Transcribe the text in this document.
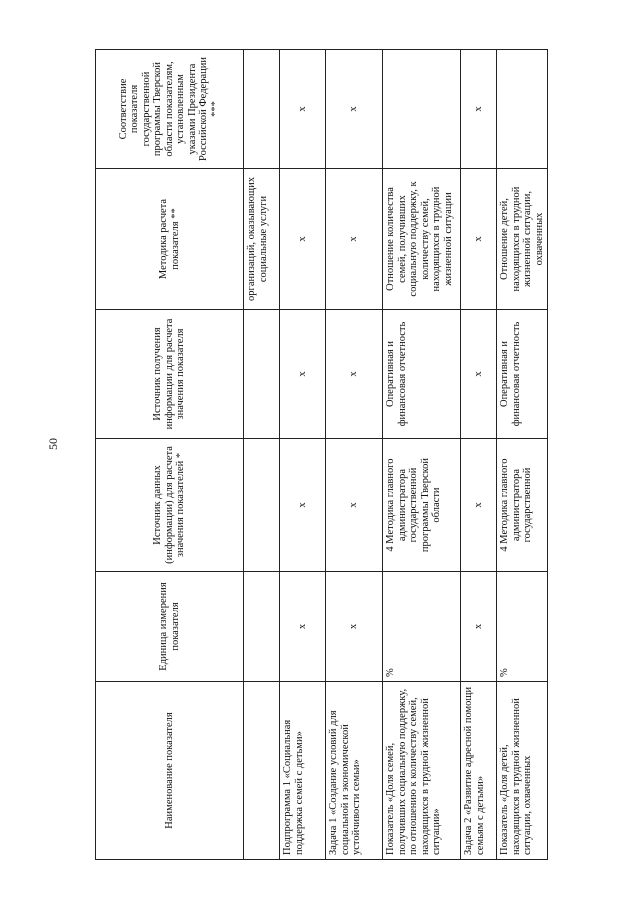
50
Наименование показателя	Единица измерения показателя	Источник данных (информации) для расчета значения показателей *	Источник получения информации для расчета значения показателя	Методика расчета показателя **	Соответствие показателя государственной программы Тверской области показателям, установленным указами Президента Российской Федерации ***
				организаций, оказывающих социальные услуги	
Подпрограмма 1 «Социальная поддержка семей с детьми»	х	х	х	х	х
Задача 1 «Создание условий для социальной и экономической устойчивости семьи»	х	х	х	х	х
Показатель «Доля семей, получивших социальную поддержку, по отношению к количеству семей, находящихся в трудной жизненной ситуации»	%	4 Методика главного администратора государственной программы Тверской области	Оперативная и финансовая отчетность	Отношение количества семей, получивших социальную поддержку, к количеству семей, находящихся в трудной жизненной ситуации	
Задача 2 «Развитие адресной помощи семьям с детьми»	х	х	х	х	х
Показатель «Доля детей, находящихся в трудной жизненной ситуации, охваченных	%	4 Методика главного администратора государственной	Оперативная и финансовая отчетность	Отношение детей, находящихся в трудной жизненной ситуации, охваченных	
